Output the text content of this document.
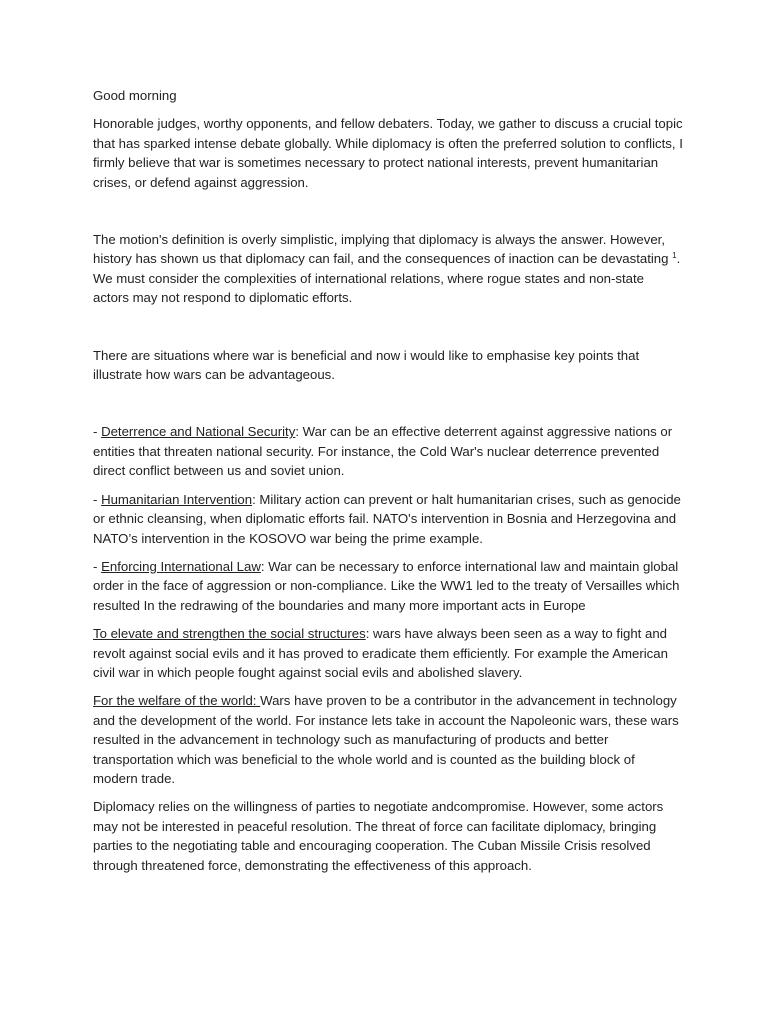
Good morning

Honorable judges, worthy opponents, and fellow debaters. Today, we gather to discuss a crucial topic that has sparked intense debate globally. While diplomacy is often the preferred solution to conflicts, I firmly believe that war is sometimes necessary to protect national interests, prevent humanitarian crises, or defend against aggression.

The motion's definition is overly simplistic, implying that diplomacy is always the answer. However, history has shown us that diplomacy can fail, and the consequences of inaction can be devastating $^1$. We must consider the complexities of international relations, where rogue states and non-state actors may not respond to diplomatic efforts.

There are situations where war is beneficial and now i would like to emphasise key points that illustrate how wars can be advantageous.

- Deterrence and National Security: War can be an effective deterrent against aggressive nations or entities that threaten national security. For instance, the Cold War's nuclear deterrence prevented direct conflict between us and soviet union.

- Humanitarian Intervention: Military action can prevent or halt humanitarian crises, such as genocide or ethnic cleansing, when diplomatic efforts fail. NATO's intervention in Bosnia and Herzegovina and NATO’s intervention in the KOSOVO war being the prime example.

- Enforcing International Law: War can be necessary to enforce international law and maintain global order in the face of aggression or non-compliance. Like the WW1 led to the treaty of Versailles which resulted In the redrawing of the boundaries and many more important acts in Europe

To elevate and strengthen the social structures: wars have always been seen as a way to fight and revolt against social evils and it has proved to eradicate them efficiently. For example the American civil war in which people fought against social evils and abolished slavery.

For the welfare of the world: Wars have proven to be a contributor in the advancement in technology and the development of the world. For instance lets take in account the Napoleonic wars, these wars resulted in the advancement in technology such as manufacturing of products and better transportation which was beneficial to the whole world and is counted as the building block of modern trade.

Diplomacy relies on the willingness of parties to negotiate andcompromise. However, some actors may not be interested in peaceful resolution. The threat of force can facilitate diplomacy, bringing parties to the negotiating table and encouraging cooperation. The Cuban Missile Crisis resolved through threatened force, demonstrating the effectiveness of this approach.
